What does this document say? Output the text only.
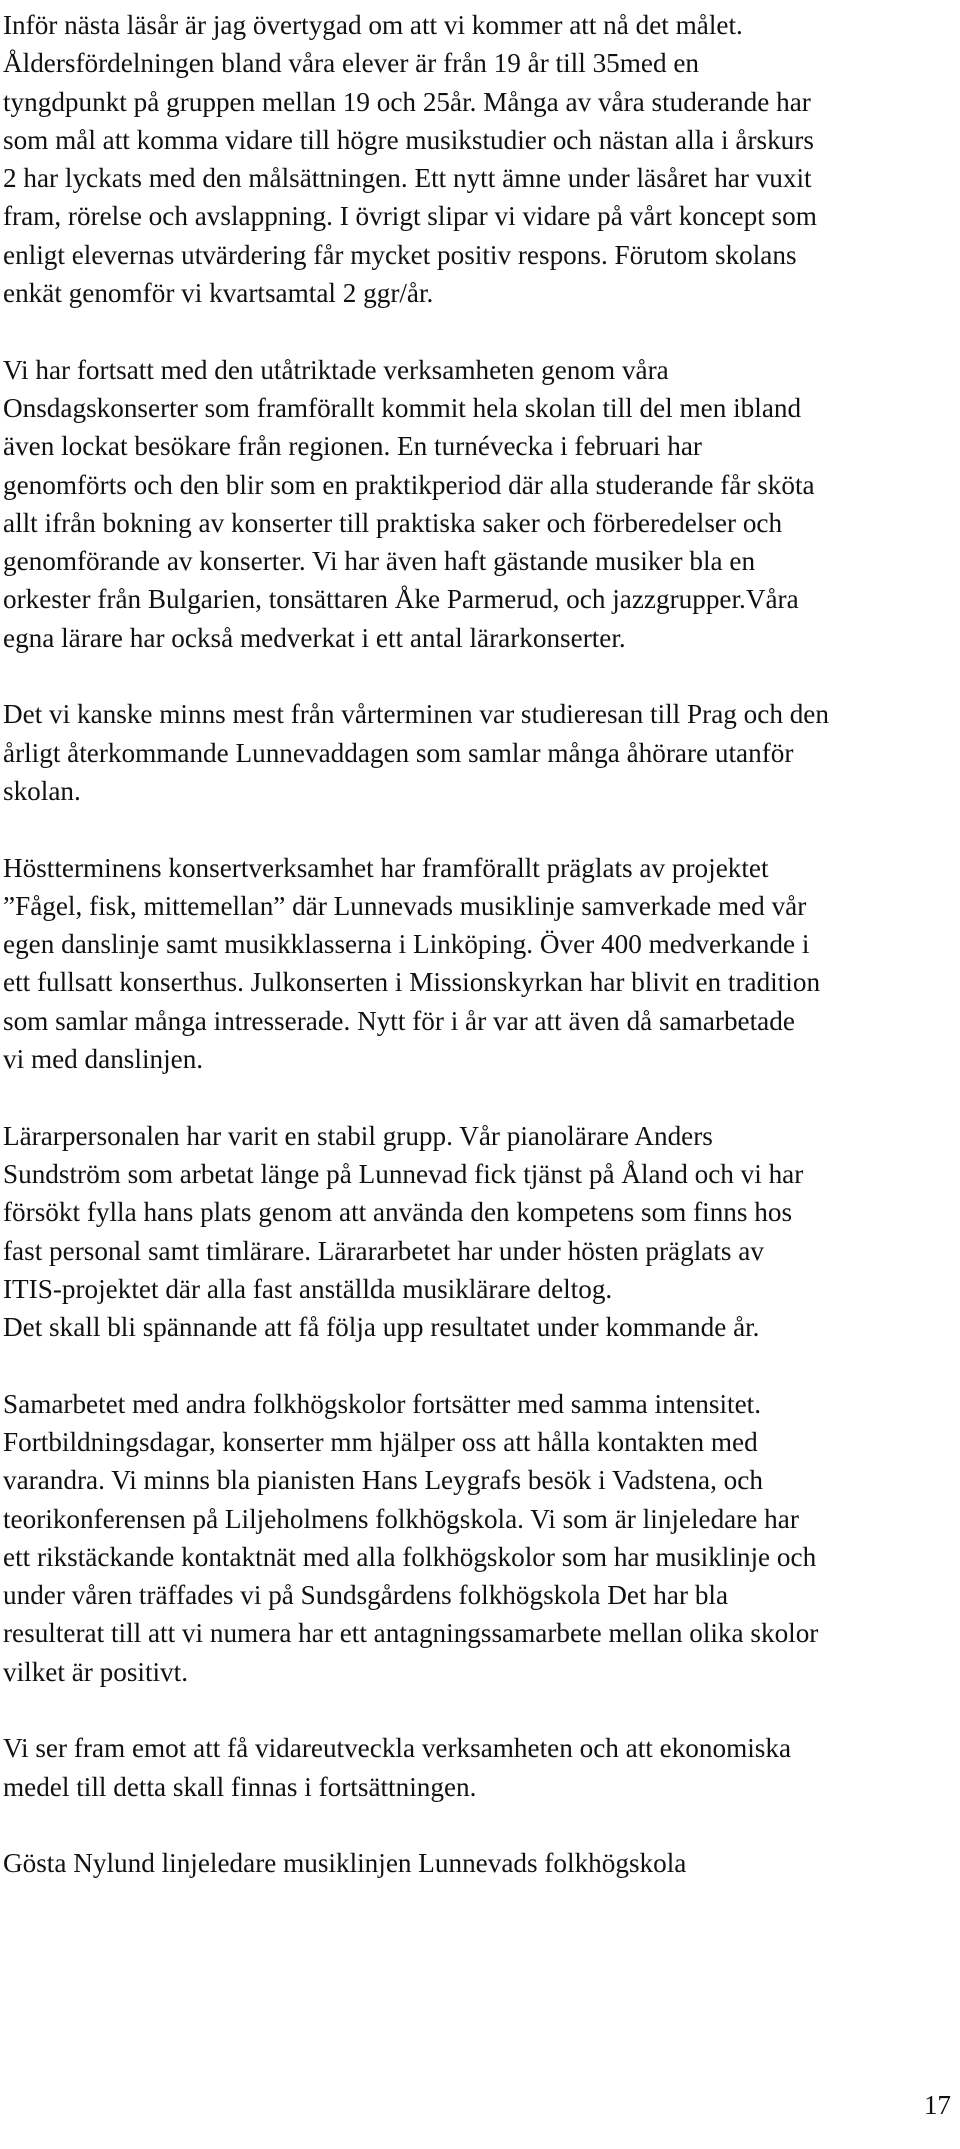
Inför nästa läsår är jag övertygad om att vi kommer att nå det målet.
Åldersfördelningen bland våra elever är från 19 år till 35med en
tyngdpunkt på gruppen mellan 19 och 25år. Många av våra studerande har
som mål att komma vidare till högre musikstudier och nästan alla i årskurs
2 har lyckats med den målsättningen. Ett nytt ämne under läsåret har vuxit
fram, rörelse och avslappning. I övrigt slipar vi vidare på vårt koncept som
enligt elevernas utvärdering får mycket positiv respons. Förutom skolans
enkät genomför vi kvartsamtal 2 ggr/år.

Vi har fortsatt med den utåtriktade verksamheten genom våra
Onsdagskonserter som framförallt kommit hela skolan till del men ibland
även lockat besökare från regionen. En turnévecka i februari har
genomförts och den blir som en praktikperiod där alla studerande får sköta
allt ifrån bokning av konserter till praktiska saker och förberedelser och
genomförande av konserter. Vi har även haft gästande musiker bla en
orkester från Bulgarien, tonsättaren Åke Parmerud, och jazzgrupper.Våra
egna lärare har också medverkat i ett antal lärarkonserter.

Det vi kanske minns mest från vårterminen var studieresan till Prag och den
årligt återkommande Lunnevaddagen som samlar många åhörare utanför
skolan.

Höstterminens konsertverksamhet har framförallt präglats av projektet
”Fågel, fisk, mittemellan” där Lunnevads musiklinje samverkade med vår
egen danslinje samt musikklasserna i Linköping. Över 400 medverkande i
ett fullsatt konserthus. Julkonserten i Missionskyrkan har blivit en tradition
som samlar många intresserade. Nytt för i år var att även då samarbetade
vi med danslinjen.

Lärarpersonalen har varit en stabil grupp. Vår pianolärare Anders
Sundström som arbetat länge på Lunnevad fick tjänst på Åland och vi har
försökt fylla hans plats genom att använda den kompetens som finns hos
fast personal samt timlärare. Lärararbetet har under hösten präglats av
ITIS-projektet där alla fast anställda musiklärare deltog.
Det skall bli spännande att få följa upp resultatet under kommande år.

Samarbetet med andra folkhögskolor fortsätter med samma intensitet.
Fortbildningsdagar, konserter mm hjälper oss att hålla kontakten med
varandra. Vi minns bla pianisten Hans Leygrafs besök i Vadstena, och
teorikonferensen på Liljeholmens folkhögskola. Vi som är linjeledare har
ett rikstäckande kontaktnät med alla folkhögskolor som har musiklinje och
under våren träffades vi på Sundsgårdens folkhögskola Det har bla
resulterat till att vi numera har ett antagningssamarbete mellan olika skolor
vilket är positivt.

Vi ser fram emot att få vidareutveckla verksamheten och att ekonomiska
medel till detta skall finnas i fortsättningen.

Gösta Nylund linjeledare musiklinjen Lunnevads folkhögskola

17
